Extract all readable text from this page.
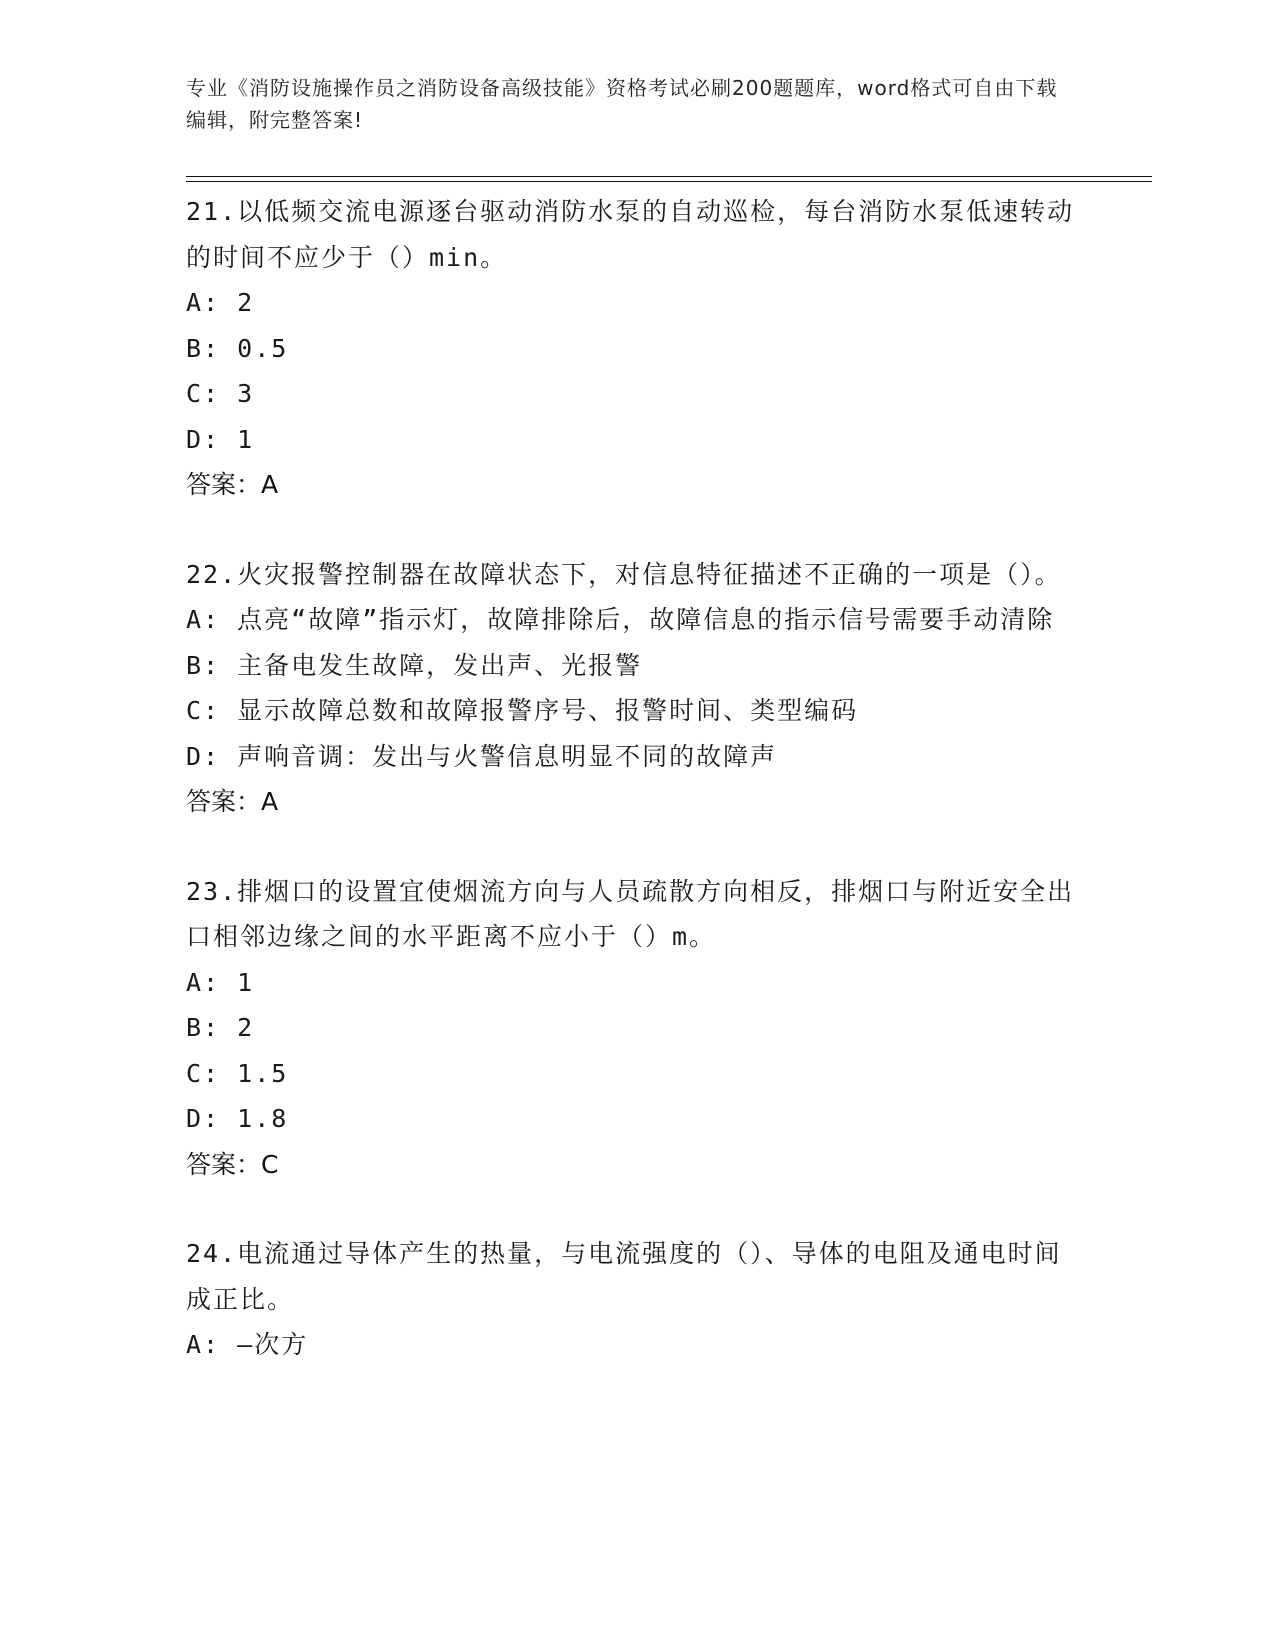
专业《消防设施操作员之消防设备高级技能》资格考试必刷200题题库，word格式可自由下载编辑，附完整答案!

21.以低频交流电源逐台驱动消防水泵的自动巡检，每台消防水泵低速转动的时间不应少于（）min。

A: 2

B: 0.5

C: 3

D: 1

答案：A

22.火灾报警控制器在故障状态下，对信息特征描述不正确的一项是（）。

A: 点亮“故障”指示灯，故障排除后，故障信息的指示信号需要手动清除

B: 主备电发生故障，发出声、光报警

C: 显示故障总数和故障报警序号、报警时间、类型编码

D: 声响音调：发出与火警信息明显不同的故障声

答案：A

23.排烟口的设置宜使烟流方向与人员疏散方向相反，排烟口与附近安全出口相邻边缘之间的水平距离不应小于（）m。

A: 1

B: 2

C: 1.5

D: 1.8

答案：C

24.电流通过导体产生的热量，与电流强度的（）、导体的电阻及通电时间成正比。

A: —次方
